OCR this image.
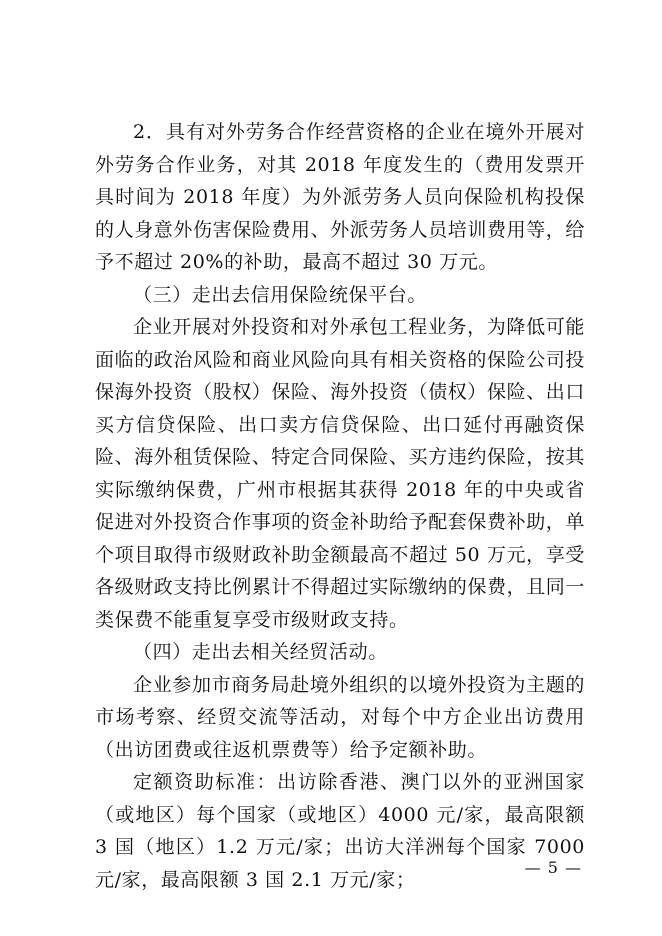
2．具有对外劳务合作经营资格的企业在境外开展对外劳务合作业务，对其 2018 年度发生的（费用发票开具时间为 2018 年度）为外派劳务人员向保险机构投保的人身意外伤害保险费用、外派劳务人员培训费用等，给予不超过 20%的补助，最高不超过 30 万元。

（三）走出去信用保险统保平台。

企业开展对外投资和对外承包工程业务，为降低可能面临的政治风险和商业风险向具有相关资格的保险公司投保海外投资（股权）保险、海外投资（债权）保险、出口买方信贷保险、出口卖方信贷保险、出口延付再融资保险、海外租赁保险、特定合同保险、买方违约保险，按其实际缴纳保费，广州市根据其获得 2018 年的中央或省促进对外投资合作事项的资金补助给予配套保费补助，单个项目取得市级财政补助金额最高不超过 50 万元，享受各级财政支持比例累计不得超过实际缴纳的保费，且同一类保费不能重复享受市级财政支持。

（四）走出去相关经贸活动。

企业参加市商务局赴境外组织的以境外投资为主题的市场考察、经贸交流等活动，对每个中方企业出访费用（出访团费或往返机票费等）给予定额补助。

定额资助标准：出访除香港、澳门以外的亚洲国家（或地区）每个国家（或地区）4000 元/家，最高限额 3 国（地区）1.2 万元/家；出访大洋洲每个国家 7000 元/家，最高限额 3 国 2.1 万元/家；

— 5 —
